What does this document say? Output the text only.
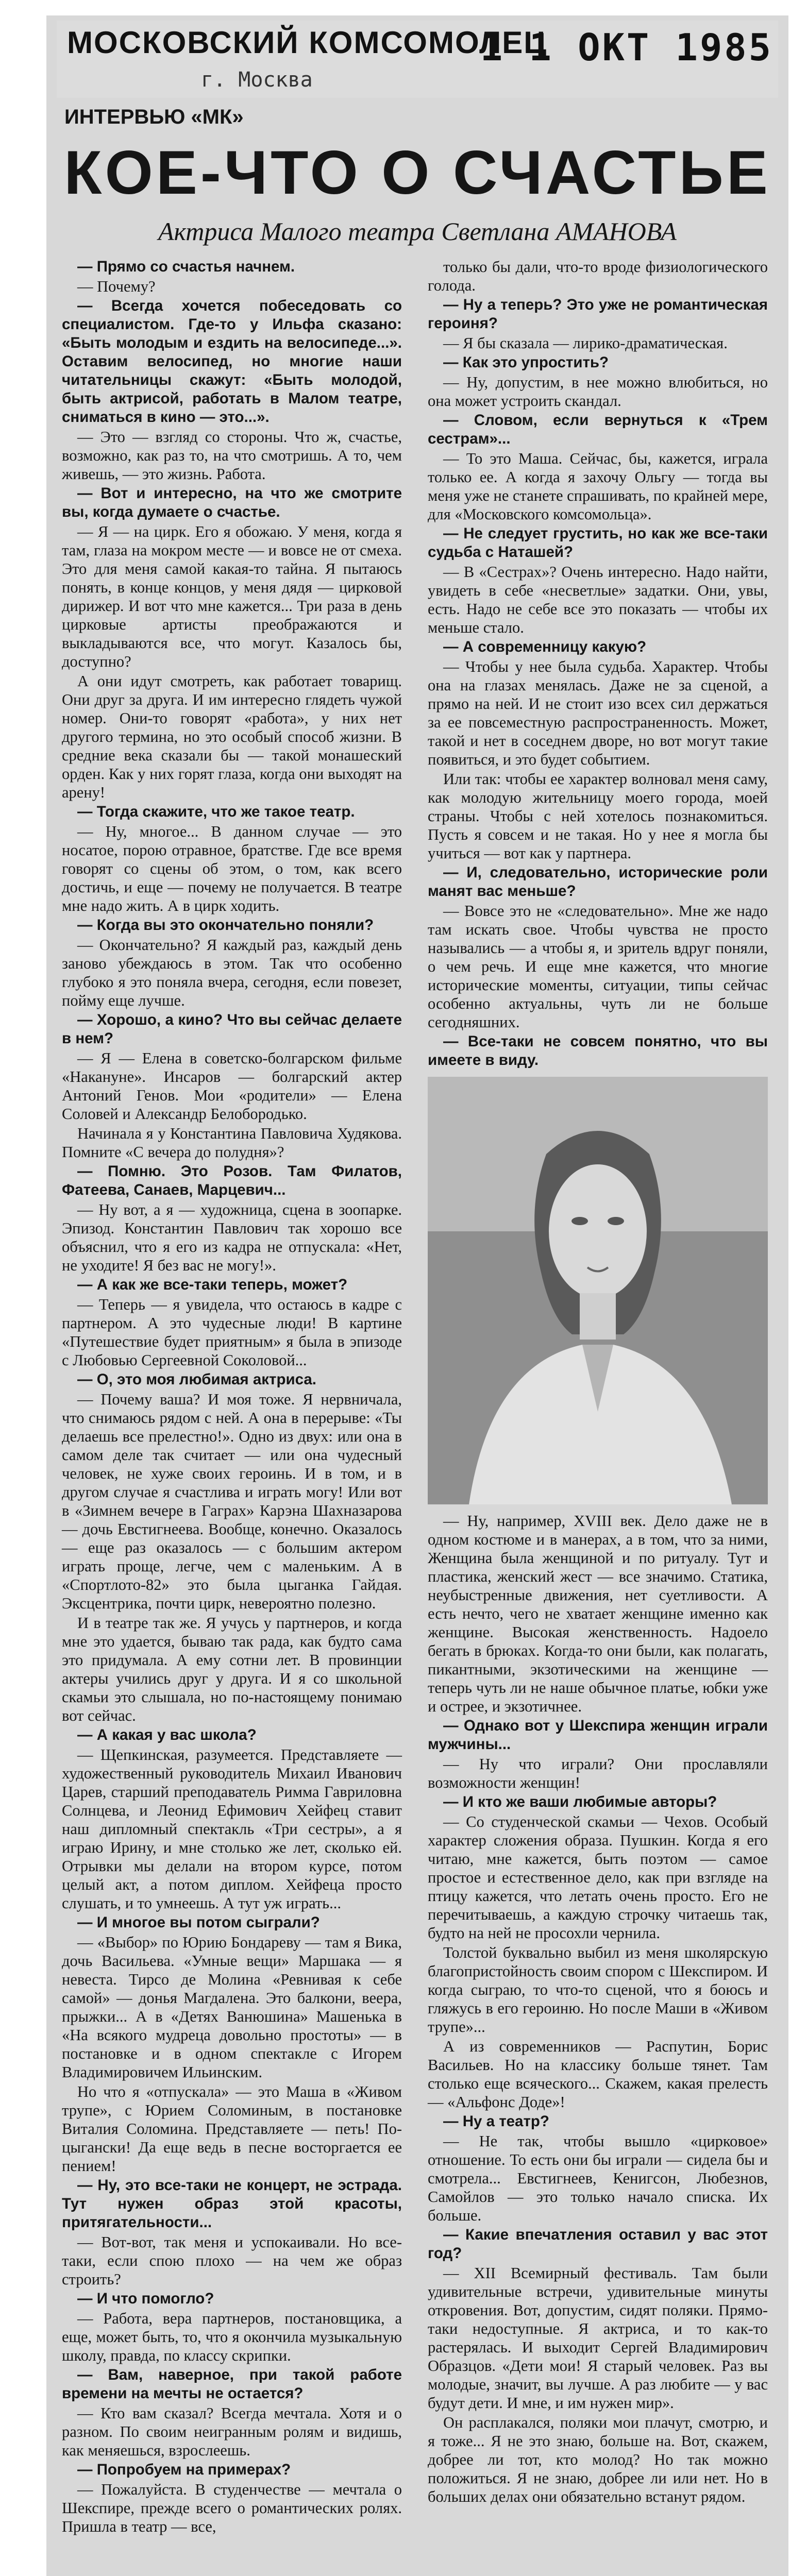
МОСКОВСКИЙ КОМСОМОЛЕЦ
г. Москва
1 1 ОКТ 1985
ИНТЕРВЬЮ «МК»
КОЕ-ЧТО О СЧАСТЬЕ
Актриса Малого театра Светлана АМАНОВА

— Прямо со счастья начнем.

— Почему?

— Всегда хочется побеседовать со специалистом. Где-то у Ильфа сказано: «Быть молодым и ездить на велосипеде...». Оставим велосипед, но многие наши читательницы скажут: «Быть молодой, быть актрисой, работать в Малом театре, сниматься в кино — это...».

— Это — взгляд со стороны. Что ж, счастье, возможно, как раз то, на что смотришь. А то, чем живешь, — это жизнь. Работа.

— Вот и интересно, на что же смотрите вы, когда думаете о счастье.

— Я — на цирк. Его я обожаю. У меня, когда я там, глаза на мокром месте — и вовсе не от смеха. Это для меня самой какая-то тайна. Я пытаюсь понять, в конце концов, у меня дядя — цирковой дирижер. И вот что мне кажется... Три раза в день цирковые артисты преображаются и выкладываются все, что могут. Казалось бы, доступно?

А они идут смотреть, как работает товарищ. Они друг за друга. И им интересно глядеть чужой номер. Они-то говорят «работа», у них нет другого термина, но это особый способ жизни. В средние века сказали бы — такой монашеский орден. Как у них горят глаза, когда они выходят на арену!

— Тогда скажите, что же такое театр.

— Ну, многое... В данном случае — это носатое, порою отравное, братстве. Где все время говорят со сцены об этом, о том, как всего достичь, и еще — почему не получается. В театре мне надо жить. А в цирк ходить.

— Когда вы это окончательно поняли?

— Окончательно? Я каждый раз, каждый день заново убеждаюсь в этом. Так что особенно глубоко я это поняла вчера, сегодня, если повезет, пойму еще лучше.

— Хорошо, а кино? Что вы сейчас делаете в нем?

— Я — Елена в советско-болгарском фильме «Накануне». Инсаров — болгарский актер Антоний Генов. Мои «родители» — Елена Соловей и Александр Белобородько.

Начинала я у Константина Павловича Худякова. Помните «С вечера до полудня»?

— Помню. Это Розов. Там Филатов, Фатеева, Санаев, Марцевич...

— Ну вот, а я — художница, сцена в зоопарке. Эпизод. Константин Павлович так хорошо все объяснил, что я его из кадра не отпускала: «Нет, не уходите! Я без вас не могу!».

— А как же все-таки теперь, может?

— Теперь — я увидела, что остаюсь в кадре с партнером. А это чудесные люди! В картине «Путешествие будет приятным» я была в эпизоде с Любовью Сергеевной Соколовой...

— О, это моя любимая актриса.

— Почему ваша? И моя тоже. Я нервничала, что снимаюсь рядом с ней. А она в перерыве: «Ты делаешь все прелестно!». Одно из двух: или она в самом деле так считает — или она чудесный человек, не хуже своих героинь. И в том, и в другом случае я счастлива и играть могу! Или вот в «Зимнем вечере в Гаграх» Карэна Шахназарова — дочь Евстигнеева. Вообще, конечно. Оказалось — еще раз оказалось — с большим актером играть проще, легче, чем с маленьким. А в «Спортлото-82» это была цыганка Гайдая. Эксцентрика, почти цирк, невероятно полезно.

И в театре так же. Я учусь у партнеров, и когда мне это удается, бываю так рада, как будто сама это придумала. А ему сотни лет. В провинции актеры учились друг у друга. И я со школьной скамьи это слышала, но по-настоящему понимаю вот сейчас.

— А какая у вас школа?

— Щепкинская, разумеется. Представляете — художественный руководитель Михаил Иванович Царев, старший преподаватель Римма Гавриловна Солнцева, и Леонид Ефимович Хейфец ставит наш дипломный спектакль «Три сестры», а я играю Ирину, и мне столько же лет, сколько ей. Отрывки мы делали на втором курсе, потом целый акт, а потом диплом. Хейфеца просто слушать, и то умнеешь. А тут уж играть...

— И многое вы потом сыграли?

— «Выбор» по Юрию Бондареву — там я Вика, дочь Васильева. «Умные вещи» Маршака — я невеста. Тирсо де Молина «Ревнивая к себе самой» — донья Магдалена. Это балкони, веера, прыжки... А в «Детях Ванюшина» Машенька в «На всякого мудреца довольно простоты» — в постановке и в одном спектакле с Игорем Владимировичем Ильинским.

Но что я «отпускала» — это Маша в «Живом трупе», с Юрием Соломиным, в постановке Виталия Соломина. Представляете — петь! По-цыгански! Да еще ведь в песне восторгается ее пением!

— Ну, это все-таки не концерт, не эстрада. Тут нужен образ этой красоты, притягательности...

— Вот-вот, так меня и успокаивали. Но все-таки, если спою плохо — на чем же образ строить?

— И что помогло?

— Работа, вера партнеров, постановщика, а еще, может быть, то, что я окончила музыкальную школу, правда, по классу скрипки.

— Вам, наверное, при такой работе времени на мечты не остается?

— Кто вам сказал? Всегда мечтала. Хотя и о разном. По своим неигранным ролям и видишь, как меняешься, взрослеешь.

— Попробуем на примерах?

— Пожалуйста. В студенчестве — мечтала о Шекспире, прежде всего о романтических ролях. Пришла в театр — все,

только бы дали, что-то вроде физиологического голода.

— Ну а теперь? Это уже не романтическая героиня?

— Я бы сказала — лирико-драматическая.

— Как это упростить?

— Ну, допустим, в нее можно влюбиться, но она может устроить скандал.

— Словом, если вернуться к «Трем сестрам»...

— То это Маша. Сейчас, бы, кажется, играла только ее. А когда я захочу Ольгу — тогда вы меня уже не станете спрашивать, по крайней мере, для «Московского комсомольца».

— Не следует грустить, но как же все-таки судьба с Наташей?

— В «Сестрах»? Очень интересно. Надо найти, увидеть в себе «несветлые» задатки. Они, увы, есть. Надо не себе все это показать — чтобы их меньше стало.

— А современницу какую?

— Чтобы у нее была судьба. Характер. Чтобы она на глазах менялась. Даже не за сценой, а прямо на ней. И не стоит изо всех сил держаться за ее повсеместную распространенность. Может, такой и нет в соседнем дворе, но вот могут такие появиться, и это будет событием.

Или так: чтобы ее характер волновал меня саму, как молодую жительницу моего города, моей страны. Чтобы с ней хотелось познакомиться. Пусть я совсем и не такая. Но у нее я могла бы учиться — вот как у партнера.

— И, следовательно, исторические роли манят вас меньше?

— Вовсе это не «следовательно». Мне же надо там искать свое. Чтобы чувства не просто назывались — а чтобы я, и зритель вдруг поняли, о чем речь. И еще мне кажется, что многие исторические моменты, ситуации, типы сейчас особенно актуальны, чуть ли не больше сегодняшних.

— Все-таки не совсем понятно, что вы имеете в виду.

— Ну, например, XVIII век. Дело даже не в одном костюме и в манерах, а в том, что за ними, Женщина была женщиной и по ритуалу. Тут и пластика, женский жест — все значимо. Статика, неубыстренные движения, нет суетливости. А есть нечто, чего не хватает женщине именно как женщине. Высокая женственность. Надоело бегать в брюках. Когда-то они были, как полагать, пикантными, экзотическими на женщине — теперь чуть ли не наше обычное платье, юбки уже и острее, и экзотичнее.

— Однако вот у Шекспира женщин играли мужчины...

— Ну что играли? Они прославляли возможности женщин!

— И кто же ваши любимые авторы?

— Со студенческой скамьи — Чехов. Особый характер сложения образа. Пушкин. Когда я его читаю, мне кажется, быть поэтом — самое простое и естественное дело, как при взгляде на птицу кажется, что летать очень просто. Его не перечитываешь, а каждую строчку читаешь так, будто на ней не просохли чернила.

Толстой буквально выбил из меня школярскую благопристойность своим спором с Шекспиром. И когда сыграю, то что-то сценой, что я боюсь и гляжусь в его героиню. Но после Маши в «Живом трупе»...

А из современников — Распутин, Борис Васильев. Но на классику больше тянет. Там столько еще всяческого... Скажем, какая прелесть — «Альфонс Доде»!

— Ну а театр?

— Не так, чтобы вышло «цирковое» отношение. То есть они бы играли — сидела бы и смотрела... Евстигнеев, Кенигсон, Любезнов, Самойлов — это только начало списка. Их больше.

— Какие впечатления оставил у вас этот год?

— XII Всемирный фестиваль. Там были удивительные встречи, удивительные минуты откровения. Вот, допустим, сидят поляки. Прямо-таки недоступные. Я актриса, и то как-то растерялась. И выходит Сергей Владимирович Образцов. «Дети мои! Я старый человек. Раз вы молодые, значит, вы лучше. А раз любите — у вас будут дети. И мне, и им нужен мир».

Он расплакался, поляки мои плачут, смотрю, и я тоже... Я не это знаю, больше на. Вот, скажем, добрее ли тот, кто молод? Но так можно положиться. Я не знаю, добрее ли или нет. Но в больших делах они обязательно встанут рядом.
